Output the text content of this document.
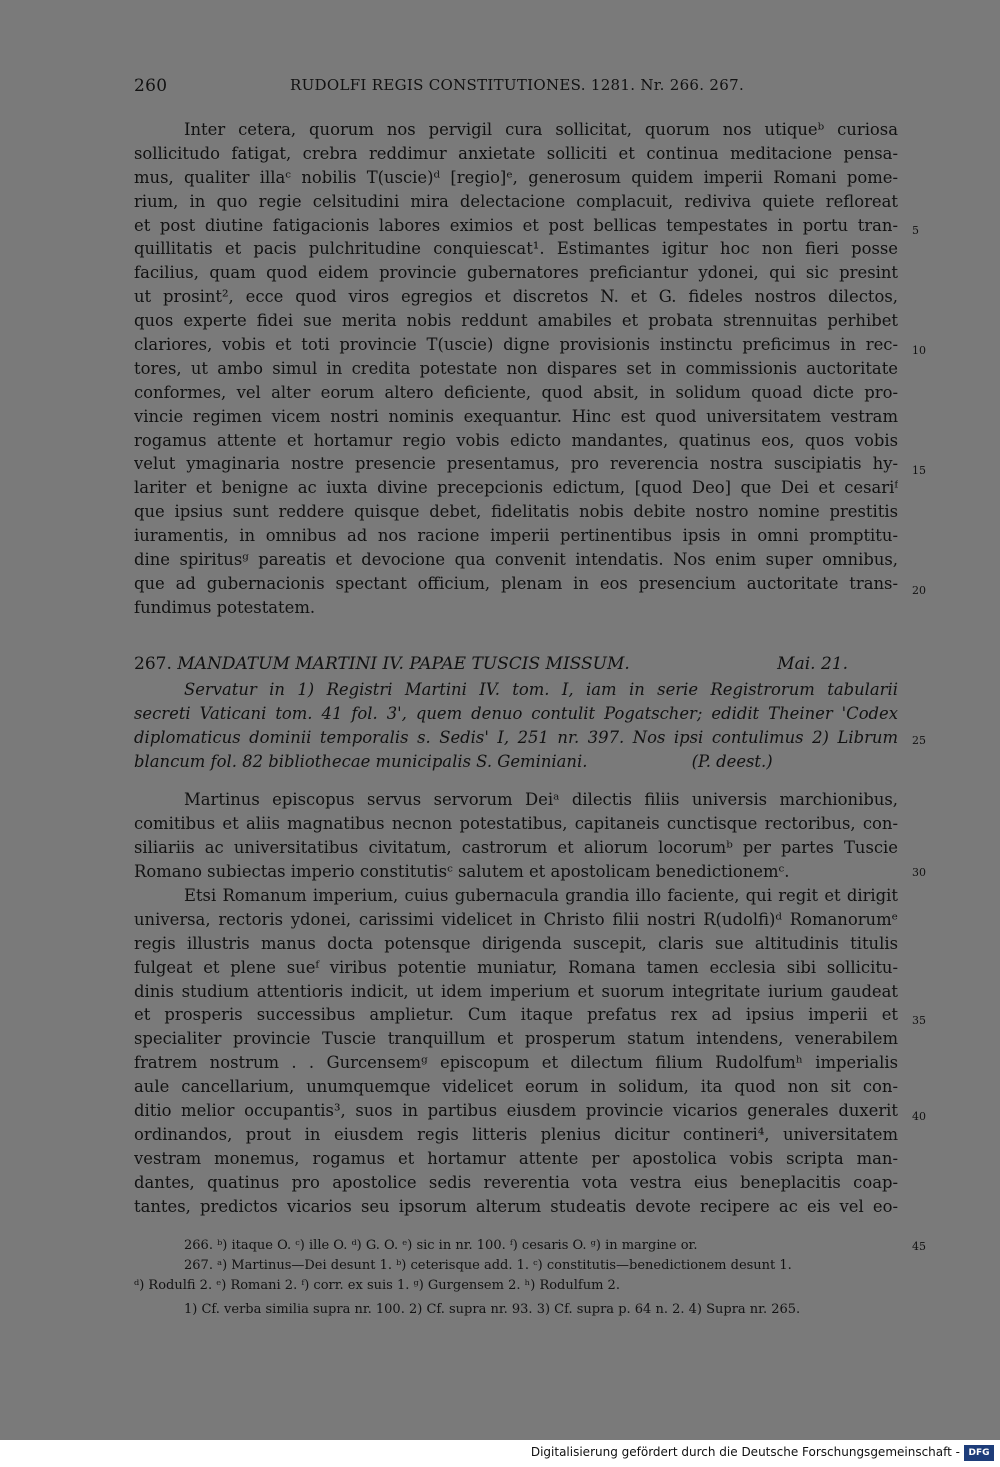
260	RUDOLFI REGIS CONSTITUTIONES. 1281. Nr. 266. 267.
Inter cetera, quorum nos pervigil cura sollicitat, quorum nos utiqueᵇ curiosa
sollicitudo fatigat, crebra reddimur anxietate solliciti et continua meditacione pensa-
mus, qualiter illaᶜ nobilis T(uscie)ᵈ [regio]ᵉ, generosum quidem imperii Romani pome-
rium, in quo regie celsitudini mira delectacione complacuit, rediviva quiete refloreat
et post diutine fatigacionis labores eximios et post bellicas tempestates in portu tran-
quillitatis et pacis pulchritudine conquiescat¹. Estimantes igitur hoc non fieri posse
facilius, quam quod eidem provincie gubernatores preficiantur ydonei, qui sic presint
ut prosint², ecce quod viros egregios et discretos N. et G. fideles nostros dilectos,
quos experte fidei sue merita nobis reddunt amabiles et probata strennuitas perhibet
clariores, vobis et toti provincie T(uscie) digne provisionis instinctu preficimus in rec-
tores, ut ambo simul in credita potestate non dispares set in commissionis auctoritate
conformes, vel alter eorum altero deficiente, quod absit, in solidum quoad dicte pro-
vincie regimen vicem nostri nominis exequantur. Hinc est quod universitatem vestram
rogamus attente et hortamur regio vobis edicto mandantes, quatinus eos, quos vobis
velut ymaginaria nostre presencie presentamus, pro reverencia nostra suscipiatis hy-
lariter et benigne ac iuxta divine precepcionis edictum, [quod Deo] que Dei et cesariᶠ
que ipsius sunt reddere quisque debet, fidelitatis nobis debite nostro nomine prestitis
iuramentis, in omnibus ad nos racione imperii pertinentibus ipsis in omni promptitu-
dine spiritusᵍ pareatis et devocione qua convenit intendatis. Nos enim super omnibus,
que ad gubernacionis spectant officium, plenam in eos presencium auctoritate trans-
fundimus potestatem.
5
10
15
20
267. MANDATUM MARTINI IV. PAPAE TUSCIS MISSUM.	Mai. 21.
Servatur in 1) Registri Martini IV. tom. I, iam in serie Registrorum tabularii
secreti Vaticani tom. 41 fol. 3', quem denuo contulit Pogatscher; edidit Theiner 'Codex
diplomaticus dominii temporalis s. Sedis' I, 251 nr. 397. Nos ipsi contulimus 2) Librum
blancum fol. 82 bibliothecae municipalis S. Geminiani.                    (P. deest.)
25
Martinus episcopus servus servorum Deiᵃ dilectis filiis universis marchionibus,
comitibus et aliis magnatibus necnon potestatibus, capitaneis cunctisque rectoribus, con-
siliariis ac universitatibus civitatum, castrorum et aliorum locorumᵇ per partes Tuscie
Romano subiectas imperio constitutisᶜ salutem et apostolicam benedictionemᶜ.	30
Etsi Romanum imperium, cuius gubernacula grandia illo faciente, qui regit et dirigit
universa, rectoris ydonei, carissimi videlicet in Christo filii nostri R(udolfi)ᵈ Romanorumᵉ
regis illustris manus docta potensque dirigenda suscepit, claris sue altitudinis titulis
fulgeat et plene sueᶠ viribus potentie muniatur, Romana tamen ecclesia sibi sollicitu-
dinis studium attentioris indicit, ut idem imperium et suorum integritate iurium gaudeat
et prosperis successibus amplietur. Cum itaque prefatus rex ad ipsius imperii et
specialiter provincie Tuscie tranquillum et prosperum statum intendens, venerabilem
fratrem nostrum . . Gurcensemᵍ episcopum et dilectum filium Rudolfumʰ imperialis
aule cancellarium, unumquemque videlicet eorum in solidum, ita quod non sit con-
ditio melior occupantis³, suos in partibus eiusdem provincie vicarios generales duxerit
ordinandos, prout in eiusdem regis litteris plenius dicitur contineri⁴, universitatem
vestram monemus, rogamus et hortamur attente per apostolica vobis scripta man-
dantes, quatinus pro apostolice sedis reverentia vota vestra eius beneplacitis coap-
tantes, predictos vicarios seu ipsorum alterum studeatis devote recipere ac eis vel eo-
35
40
266. ᵇ) itaque O. ᶜ) ille O. ᵈ) G. O. ᵉ) sic in nr. 100. ᶠ) cesaris O. ᵍ) in margine or.
267. ᵃ) Martinus—Dei desunt 1. ᵇ) ceterisque add. 1. ᶜ) constitutis—benedictionem desunt 1.
ᵈ) Rodulfi 2. ᵉ) Romani 2. ᶠ) corr. ex suis 1. ᵍ) Gurgensem 2. ʰ) Rodulfum 2.
1) Cf. verba similia supra nr. 100. 2) Cf. supra nr. 93. 3) Cf. supra p. 64 n. 2. 4) Supra nr. 265.
45
Digitalisierung gefördert durch die Deutsche Forschungsgemeinschaft - DFG
